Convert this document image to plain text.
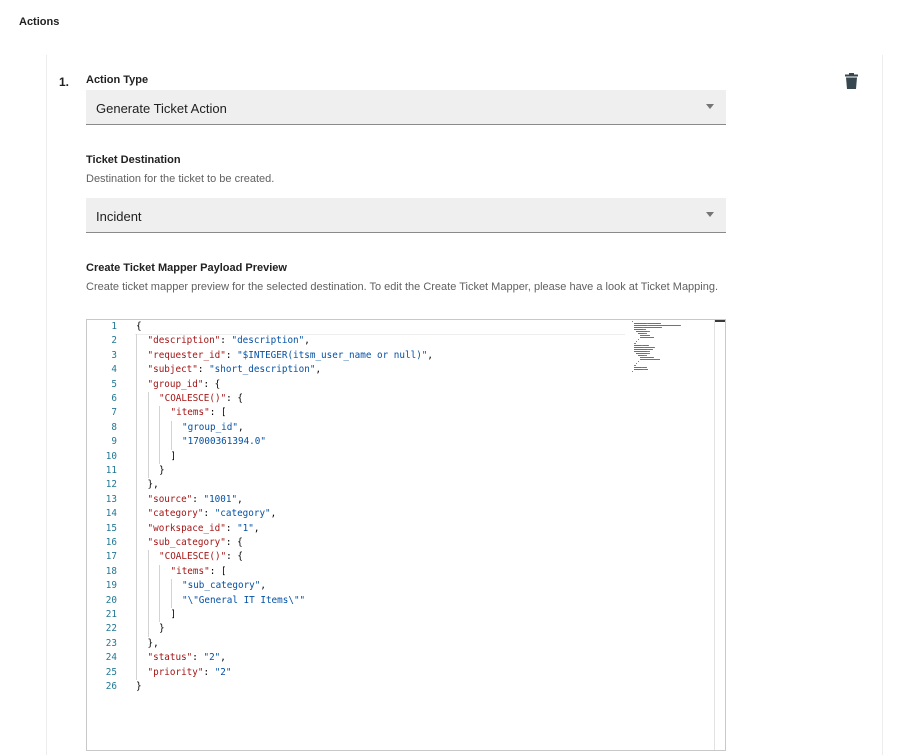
Actions
1. Action Type
Generate Ticket Action
Ticket Destination
Destination for the ticket to be created.
Incident
Create Ticket Mapper Payload Preview
Create ticket mapper preview for the selected destination. To edit the Create Ticket Mapper, please have a look at Ticket Mapping.
1 {
2	"description": "description",
3	"requester_id": "$INTEGER(itsm_user_name or null)",
4	"subject": "short_description",
5	"group_id": {
6	"COALESCE()": {
7	"items": [
8	"group_id",
9	"17000361394.0"
10	]
11	}
12	},
13	"source": "1001",
14	"category": "category",
15	"workspace_id": "1",
16	"sub_category": {
17	"COALESCE()": {
18	"items": [
19	"sub_category",
20	"\"General IT Items\""
21	]
22	}
23	},
24	"status": "2",
25	"priority": "2"
26 }
